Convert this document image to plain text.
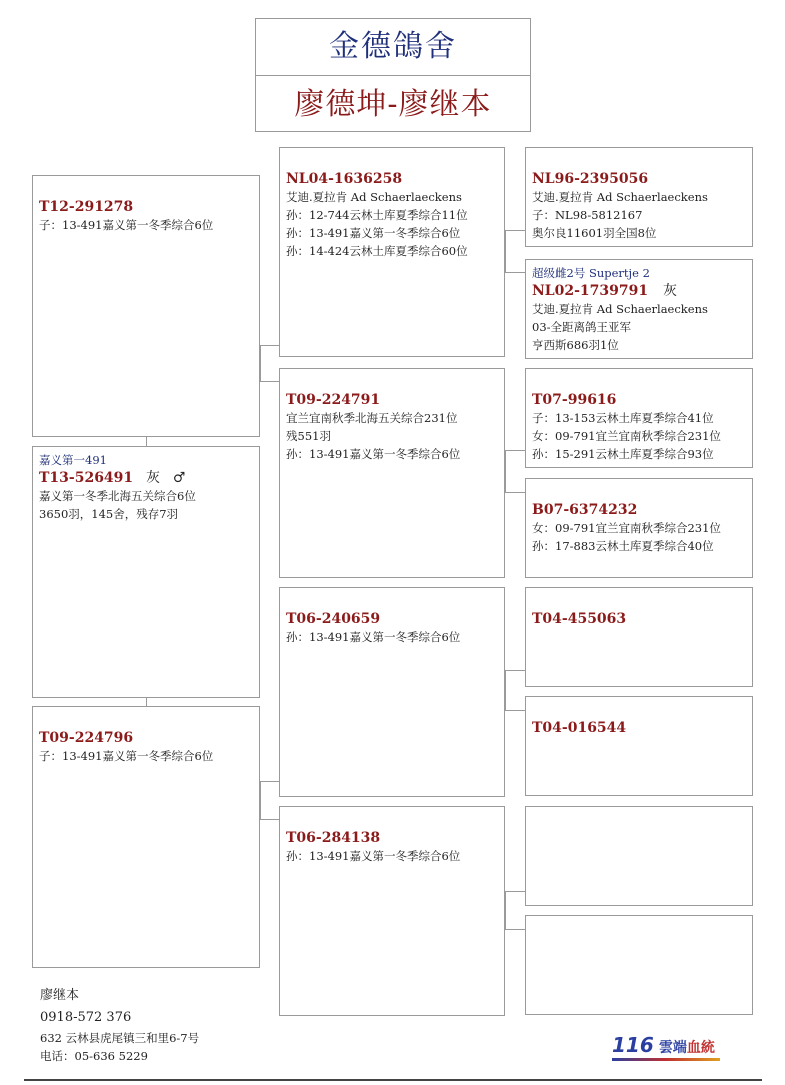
金德鴿舍
廖德坤-廖继本
T12-291278
子：13-491嘉义第一冬季综合6位
嘉义第一491
T13-526491 灰 ♂
嘉义第一冬季北海五关综合6位
3650羽，145舍，残存7羽
T09-224796
子：13-491嘉义第一冬季综合6位
NL04-1636258
艾迪.夏拉肯 Ad Schaerlaeckens
孙：12-744云林土库夏季综合11位
孙：13-491嘉义第一冬季综合6位
孙：14-424云林土库夏季综合60位
T09-224791
宜兰宜南秋季北海五关综合231位
残551羽
孙：13-491嘉义第一冬季综合6位
T06-240659
孙：13-491嘉义第一冬季综合6位
T06-284138
孙：13-491嘉义第一冬季综合6位
NL96-2395056
艾迪.夏拉肯 Ad Schaerlaeckens
子：NL98-5812167
奥尔良11601羽全国8位
超级雌2号 Supertje 2
NL02-1739791 灰
艾迪.夏拉肯 Ad Schaerlaeckens
03-全距离鸽王亚军
亨西斯686羽1位
T07-99616
子：13-153云林土库夏季综合41位
女：09-791宜兰宜南秋季综合231位
孙：15-291云林土库夏季综合93位
B07-6374232
女：09-791宜兰宜南秋季综合231位
孙：17-883云林土库夏季综合40位
T04-455063
T04-016544
廖继本
0918-572 376
632 云林县虎尾镇三和里6-7号
电话：05-636 5229	116 雲端血統
